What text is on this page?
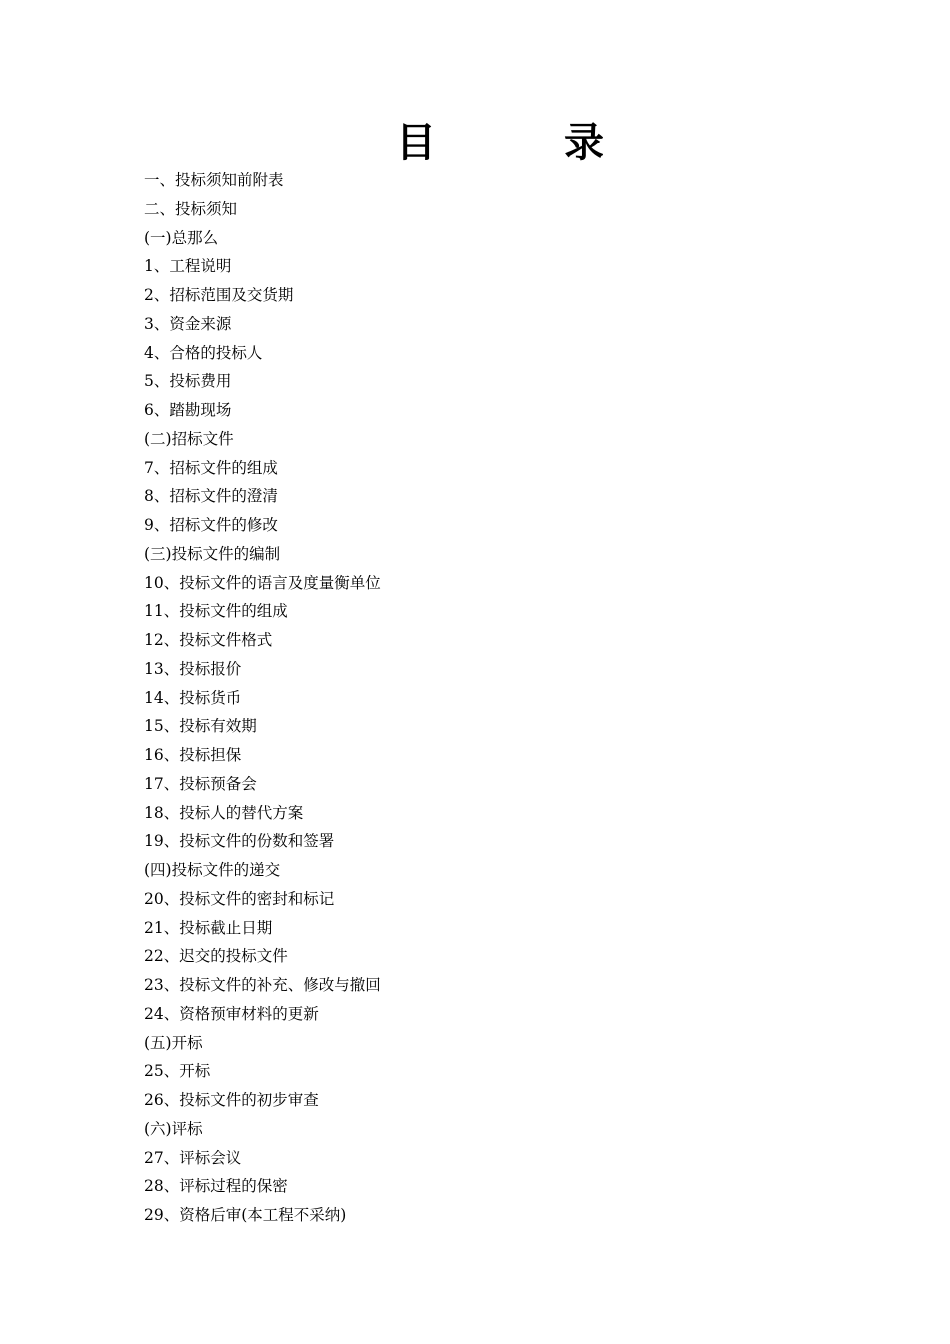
目	录
一、投标须知前附表
二、投标须知
(一)总那么
1、工程说明
2、招标范围及交货期
3、资金来源
4、合格的投标人
5、投标费用
6、踏勘现场
(二)招标文件
7、招标文件的组成
8、招标文件的澄清
9、招标文件的修改
(三)投标文件的编制
10、投标文件的语言及度量衡单位
11、投标文件的组成
12、投标文件格式
13、投标报价
14、投标货币
15、投标有效期
16、投标担保
17、投标预备会
18、投标人的替代方案
19、投标文件的份数和签署
(四)投标文件的递交
20、投标文件的密封和标记
21、投标截止日期
22、迟交的投标文件
23、投标文件的补充、修改与撤回
24、资格预审材料的更新
(五)开标
25、开标
26、投标文件的初步审查
(六)评标
27、评标会议
28、评标过程的保密
29、资格后审(本工程不采纳)
